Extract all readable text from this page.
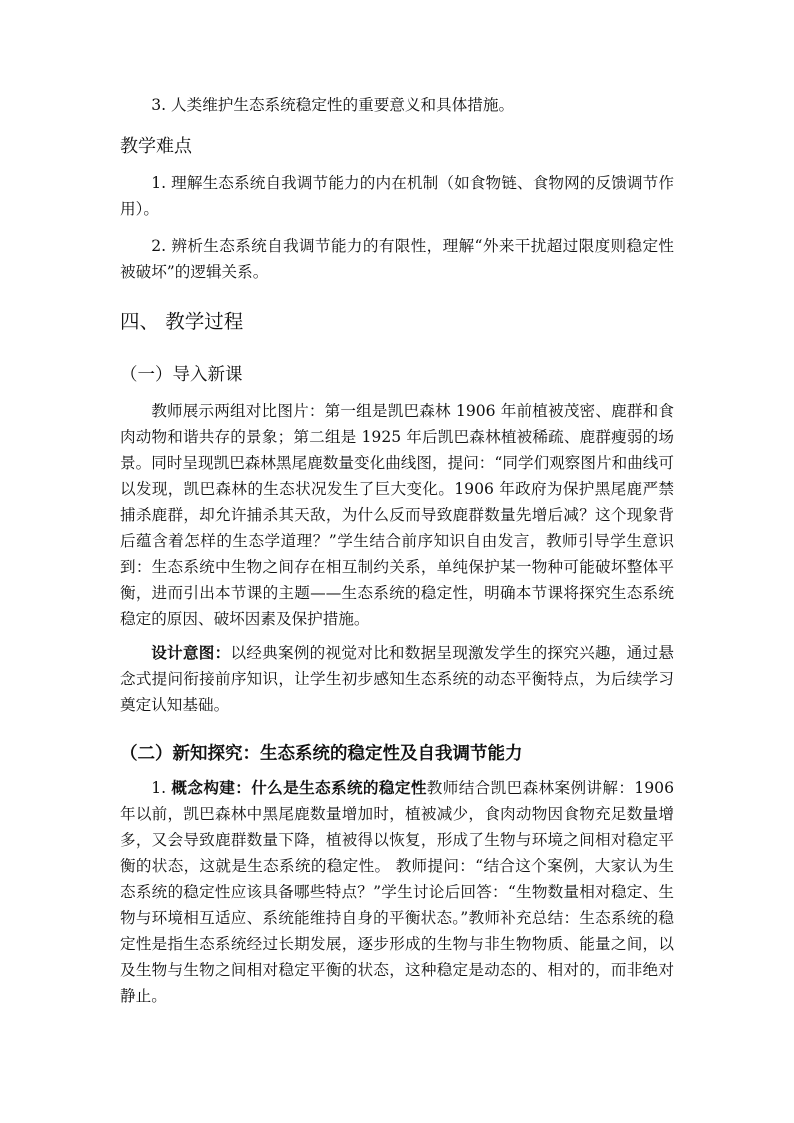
3. 人类维护生态系统稳定性的重要意义和具体措施。

教学难点

1. 理解生态系统自我调节能力的内在机制（如食物链、食物网的反馈调节作用）。

2. 辨析生态系统自我调节能力的有限性，理解“外来干扰超过限度则稳定性被破坏”的逻辑关系。

四、 教学过程
（一）导入新课

教师展示两组对比图片：第一组是凯巴森林 1906 年前植被茂密、鹿群和食肉动物和谐共存的景象；第二组是 1925 年后凯巴森林植被稀疏、鹿群瘦弱的场景。同时呈现凯巴森林黑尾鹿数量变化曲线图，提问：“同学们观察图片和曲线可以发现，凯巴森林的生态状况发生了巨大变化。1906 年政府为保护黑尾鹿严禁捕杀鹿群，却允许捕杀其天敌，为什么反而导致鹿群数量先增后减？这个现象背后蕴含着怎样的生态学道理？”学生结合前序知识自由发言，教师引导学生意识到：生态系统中生物之间存在相互制约关系，单纯保护某一物种可能破坏整体平衡，进而引出本节课的主题——生态系统的稳定性，明确本节课将探究生态系统稳定的原因、破坏因素及保护措施。

设计意图：以经典案例的视觉对比和数据呈现激发学生的探究兴趣，通过悬念式提问衔接前序知识，让学生初步感知生态系统的动态平衡特点，为后续学习奠定认知基础。

（二）新知探究：生态系统的稳定性及自我调节能力

1. 概念构建：什么是生态系统的稳定性教师结合凯巴森林案例讲解：1906 年以前，凯巴森林中黑尾鹿数量增加时，植被减少，食肉动物因食物充足数量增多，又会导致鹿群数量下降，植被得以恢复，形成了生物与环境之间相对稳定平衡的状态，这就是生态系统的稳定性。 教师提问：“结合这个案例，大家认为生态系统的稳定性应该具备哪些特点？”学生讨论后回答：“生物数量相对稳定、生物与环境相互适应、系统能维持自身的平衡状态。”教师补充总结：生态系统的稳定性是指生态系统经过长期发展，逐步形成的生物与非生物物质、能量之间，以及生物与生物之间相对稳定平衡的状态，这种稳定是动态的、相对的，而非绝对静止。
